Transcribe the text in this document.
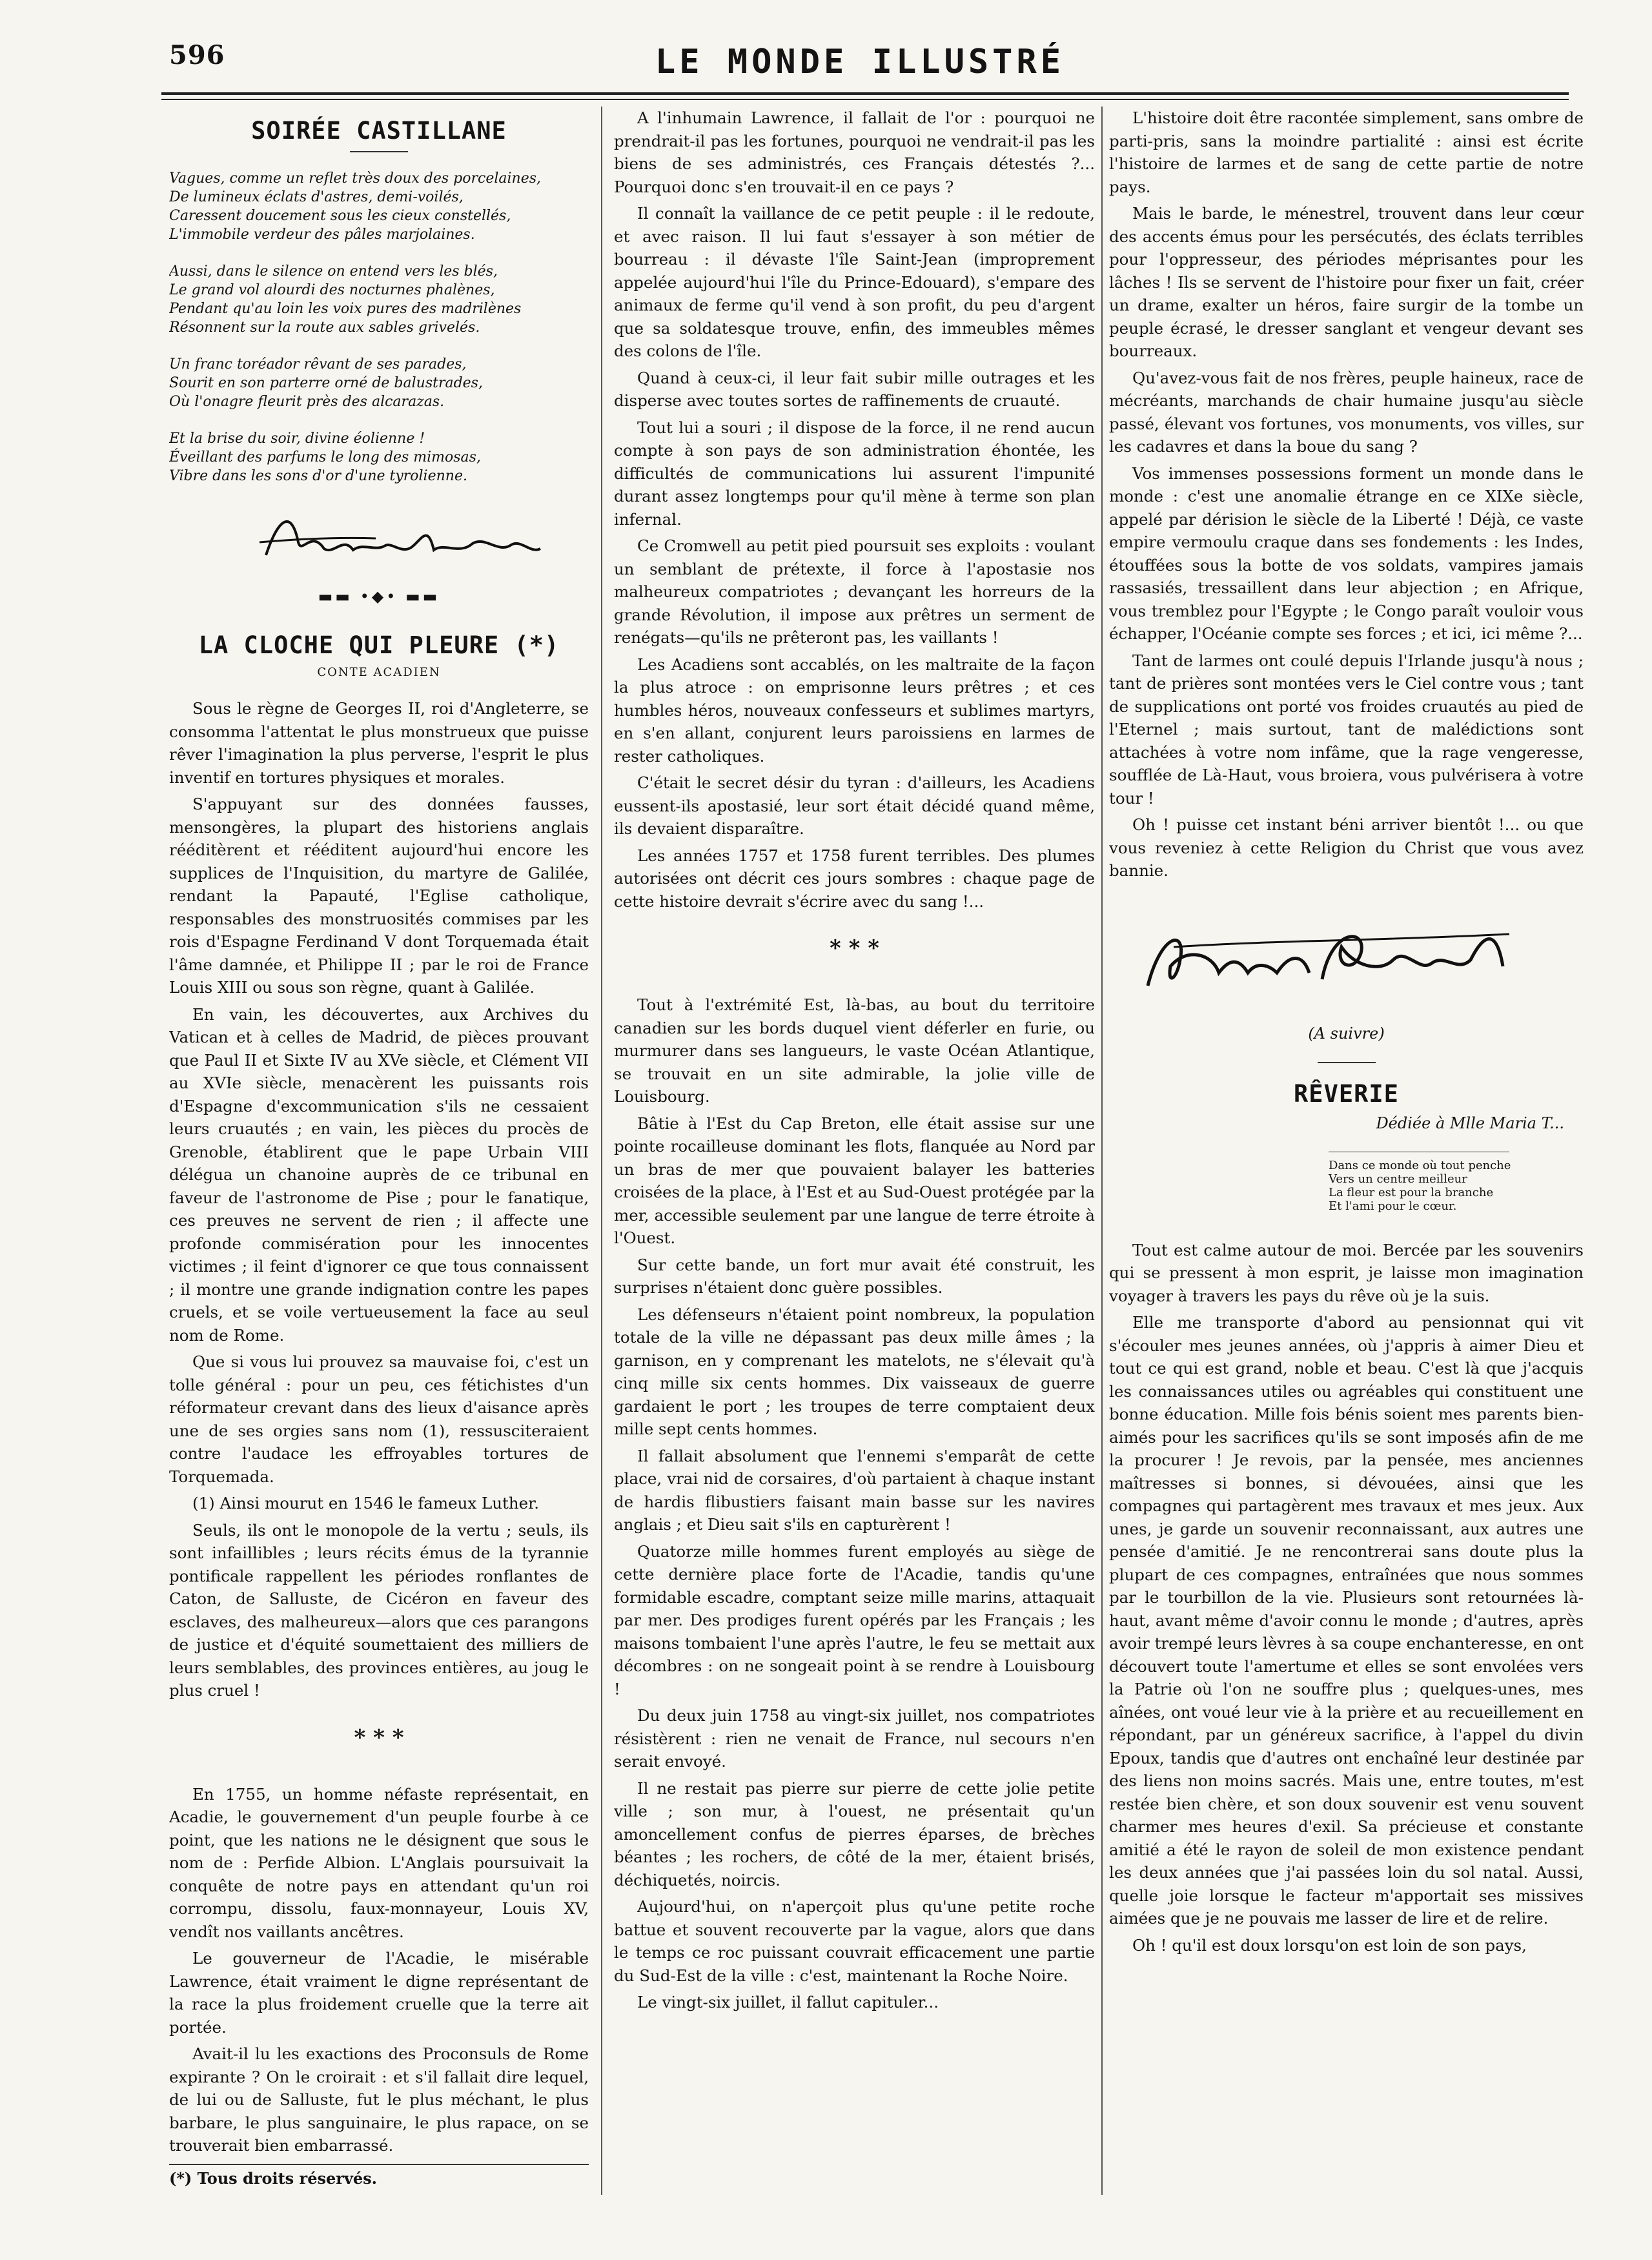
596	LE MONDE ILLUSTRÉ
SOIRÉE CASTILLANE
Vagues, comme un reflet très doux des porcelaines,
De lumineux éclats d'astres, demi-voilés,
Caressent doucement sous les cieux constellés,
L'immobile verdeur des pâles marjolaines.
Aussi, dans le silence on entend vers les blés,
Le grand vol alourdi des nocturnes phalènes,
Pendant qu'au loin les voix pures des madrilènes
Résonnent sur la route aux sables grivelés.
Un franc toréador rêvant de ses parades,
Sourit en son parterre orné de balustrades,
Où l'onagre fleurit près des alcarazas.
Et la brise du soir, divine éolienne !
Éveillant des parfums le long des mimosas,
Vibre dans les sons d'or d'une tyrolienne.
Arthur de Bussières
▬▬ •◆• ▬▬
LA CLOCHE QUI PLEURE (*)
CONTE ACADIEN

Sous le règne de Georges II, roi d'Angleterre, se consomma l'attentat le plus monstrueux que puisse rêver l'imagination la plus perverse, l'esprit le plus inventif en tortures physiques et morales.

S'appuyant sur des données fausses, mensongères, la plupart des historiens anglais rééditèrent et rééditent aujourd'hui encore les supplices de l'Inquisition, du martyre de Galilée, rendant la Papauté, l'Eglise catholique, responsables des monstruosités commises par les rois d'Espagne Ferdinand V dont Torquemada était l'âme damnée, et Philippe II ; par le roi de France Louis XIII ou sous son règne, quant à Galilée.

En vain, les découvertes, aux Archives du Vatican et à celles de Madrid, de pièces prouvant que Paul II et Sixte IV au XVe siècle, et Clément VII au XVIe siècle, menacèrent les puissants rois d'Espagne d'excommunication s'ils ne cessaient leurs cruautés ; en vain, les pièces du procès de Grenoble, établirent que le pape Urbain VIII délégua un chanoine auprès de ce tribunal en faveur de l'astronome de Pise ; pour le fanatique, ces preuves ne servent de rien ; il affecte une profonde commisération pour les innocentes victimes ; il feint d'ignorer ce que tous connaissent ; il montre une grande indignation contre les papes cruels, et se voile vertueusement la face au seul nom de Rome.

Que si vous lui prouvez sa mauvaise foi, c'est un tolle général : pour un peu, ces fétichistes d'un réformateur crevant dans des lieux d'aisance après une de ses orgies sans nom (1), ressusciteraient contre l'audace les effroyables tortures de Torquemada.

(1) Ainsi mourut en 1546 le fameux Luther.

Seuls, ils ont le monopole de la vertu ; seuls, ils sont infaillibles ; leurs récits émus de la tyrannie pontificale rappellent les périodes ronflantes de Caton, de Salluste, de Cicéron en faveur des esclaves, des malheureux—alors que ces parangons de justice et d'équité soumettaient des milliers de leurs semblables, des provinces entières, au joug le plus cruel !

* * *

En 1755, un homme néfaste représentait, en Acadie, le gouvernement d'un peuple fourbe à ce point, que les nations ne le désignent que sous le nom de : Perfide Albion. L'Anglais poursuivait la conquête de notre pays en attendant qu'un roi corrompu, dissolu, faux-monnayeur, Louis XV, vendît nos vaillants ancêtres.

Le gouverneur de l'Acadie, le misérable Lawrence, était vraiment le digne représentant de la race la plus froidement cruelle que la terre ait portée.

Avait-il lu les exactions des Proconsuls de Rome expirante ? On le croirait : et s'il fallait dire lequel, de lui ou de Salluste, fut le plus méchant, le plus barbare, le plus sanguinaire, le plus rapace, on se trouverait bien embarrassé.

(*) Tous droits réservés.

A l'inhumain Lawrence, il fallait de l'or : pourquoi ne prendrait-il pas les fortunes, pourquoi ne vendrait-il pas les biens de ses administrés, ces Français détestés ?... Pourquoi donc s'en trouvait-il en ce pays ?

Il connaît la vaillance de ce petit peuple : il le redoute, et avec raison. Il lui faut s'essayer à son métier de bourreau : il dévaste l'île Saint-Jean (improprement appelée aujourd'hui l'île du Prince-Edouard), s'empare des animaux de ferme qu'il vend à son profit, du peu d'argent que sa soldatesque trouve, enfin, des immeubles mêmes des colons de l'île.

Quand à ceux-ci, il leur fait subir mille outrages et les disperse avec toutes sortes de raffinements de cruauté.

Tout lui a souri ; il dispose de la force, il ne rend aucun compte à son pays de son administration éhontée, les difficultés de communications lui assurent l'impunité durant assez longtemps pour qu'il mène à terme son plan infernal.

Ce Cromwell au petit pied poursuit ses exploits : voulant un semblant de prétexte, il force à l'apostasie nos malheureux compatriotes ; devançant les horreurs de la grande Révolution, il impose aux prêtres un serment de renégats—qu'ils ne prêteront pas, les vaillants !

Les Acadiens sont accablés, on les maltraite de la façon la plus atroce : on emprisonne leurs prêtres ; et ces humbles héros, nouveaux confesseurs et sublimes martyrs, en s'en allant, conjurent leurs paroissiens en larmes de rester catholiques.

C'était le secret désir du tyran : d'ailleurs, les Acadiens eussent-ils apostasié, leur sort était décidé quand même, ils devaient disparaître.

Les années 1757 et 1758 furent terribles. Des plumes autorisées ont décrit ces jours sombres : chaque page de cette histoire devrait s'écrire avec du sang !...

* * *

Tout à l'extrémité Est, là-bas, au bout du territoire canadien sur les bords duquel vient déferler en furie, ou murmurer dans ses langueurs, le vaste Océan Atlantique, se trouvait en un site admirable, la jolie ville de Louisbourg.

Bâtie à l'Est du Cap Breton, elle était assise sur une pointe rocailleuse dominant les flots, flanquée au Nord par un bras de mer que pouvaient balayer les batteries croisées de la place, à l'Est et au Sud-Ouest protégée par la mer, accessible seulement par une langue de terre étroite à l'Ouest.

Sur cette bande, un fort mur avait été construit, les surprises n'étaient donc guère possibles.

Les défenseurs n'étaient point nombreux, la population totale de la ville ne dépassant pas deux mille âmes ; la garnison, en y comprenant les matelots, ne s'élevait qu'à cinq mille six cents hommes. Dix vaisseaux de guerre gardaient le port ; les troupes de terre comptaient deux mille sept cents hommes.

Il fallait absolument que l'ennemi s'emparât de cette place, vrai nid de corsaires, d'où partaient à chaque instant de hardis flibustiers faisant main basse sur les navires anglais ; et Dieu sait s'ils en capturèrent !

Quatorze mille hommes furent employés au siège de cette dernière place forte de l'Acadie, tandis qu'une formidable escadre, comptant seize mille marins, attaquait par mer. Des prodiges furent opérés par les Français ; les maisons tombaient l'une après l'autre, le feu se mettait aux décombres : on ne songeait point à se rendre à Louisbourg !

Du deux juin 1758 au vingt-six juillet, nos compatriotes résistèrent : rien ne venait de France, nul secours n'en serait envoyé.

Il ne restait pas pierre sur pierre de cette jolie petite ville ; son mur, à l'ouest, ne présentait qu'un amoncellement confus de pierres éparses, de brèches béantes ; les rochers, de côté de la mer, étaient brisés, déchiquetés, noircis.

Aujourd'hui, on n'aperçoit plus qu'une petite roche battue et souvent recouverte par la vague, alors que dans le temps ce roc puissant couvrait efficacement une partie du Sud-Est de la ville : c'est, maintenant la Roche Noire.

Le vingt-six juillet, il fallut capituler...

L'histoire doit être racontée simplement, sans ombre de parti-pris, sans la moindre partialité : ainsi est écrite l'histoire de larmes et de sang de cette partie de notre pays.

Mais le barde, le ménestrel, trouvent dans leur cœur des accents émus pour les persécutés, des éclats terribles pour l'oppresseur, des périodes méprisantes pour les lâches ! Ils se servent de l'histoire pour fixer un fait, créer un drame, exalter un héros, faire surgir de la tombe un peuple écrasé, le dresser sanglant et vengeur devant ses bourreaux.

Qu'avez-vous fait de nos frères, peuple haineux, race de mécréants, marchands de chair humaine jusqu'au siècle passé, élevant vos fortunes, vos monuments, vos villes, sur les cadavres et dans la boue du sang ?

Vos immenses possessions forment un monde dans le monde : c'est une anomalie étrange en ce XIXe siècle, appelé par dérision le siècle de la Liberté ! Déjà, ce vaste empire vermoulu craque dans ses fondements : les Indes, étouffées sous la botte de vos soldats, vampires jamais rassasiés, tressaillent dans leur abjection ; en Afrique, vous tremblez pour l'Egypte ; le Congo paraît vouloir vous échapper, l'Océanie compte ses forces ; et ici, ici même ?...

Tant de larmes ont coulé depuis l'Irlande jusqu'à nous ; tant de prières sont montées vers le Ciel contre vous ; tant de supplications ont porté vos froides cruautés au pied de l'Eternel ; mais surtout, tant de malédictions sont attachées à votre nom infâme, que la rage vengeresse, soufflée de Là-Haut, vous broiera, vous pulvérisera à votre tour !

Oh ! puisse cet instant béni arriver bientôt !... ou que vous reveniez à cette Religion du Christ que vous avez bannie.

Firmin Picard
(A suivre)
RÊVERIE
Dédiée à Mlle Maria T...
Dans ce monde où tout penche
Vers un centre meilleur
La fleur est pour la branche
Et l'ami pour le cœur.

Tout est calme autour de moi. Bercée par les souvenirs qui se pressent à mon esprit, je laisse mon imagination voyager à travers les pays du rêve où je la suis.

Elle me transporte d'abord au pensionnat qui vit s'écouler mes jeunes années, où j'appris à aimer Dieu et tout ce qui est grand, noble et beau. C'est là que j'acquis les connaissances utiles ou agréables qui constituent une bonne éducation. Mille fois bénis soient mes parents bien-aimés pour les sacrifices qu'ils se sont imposés afin de me la procurer ! Je revois, par la pensée, mes anciennes maîtresses si bonnes, si dévouées, ainsi que les compagnes qui partagèrent mes travaux et mes jeux. Aux unes, je garde un souvenir reconnaissant, aux autres une pensée d'amitié. Je ne rencontrerai sans doute plus la plupart de ces compagnes, entraînées que nous sommes par le tourbillon de la vie. Plusieurs sont retournées là-haut, avant même d'avoir connu le monde ; d'autres, après avoir trempé leurs lèvres à sa coupe enchanteresse, en ont découvert toute l'amertume et elles se sont envolées vers la Patrie où l'on ne souffre plus ; quelques-unes, mes aînées, ont voué leur vie à la prière et au recueillement en répondant, par un généreux sacrifice, à l'appel du divin Epoux, tandis que d'autres ont enchaîné leur destinée par des liens non moins sacrés. Mais une, entre toutes, m'est restée bien chère, et son doux souvenir est venu souvent charmer mes heures d'exil. Sa précieuse et constante amitié a été le rayon de soleil de mon existence pendant les deux années que j'ai passées loin du sol natal. Aussi, quelle joie lorsque le facteur m'apportait ses missives aimées que je ne pouvais me lasser de lire et de relire.

Oh ! qu'il est doux lorsqu'on est loin de son pays,
